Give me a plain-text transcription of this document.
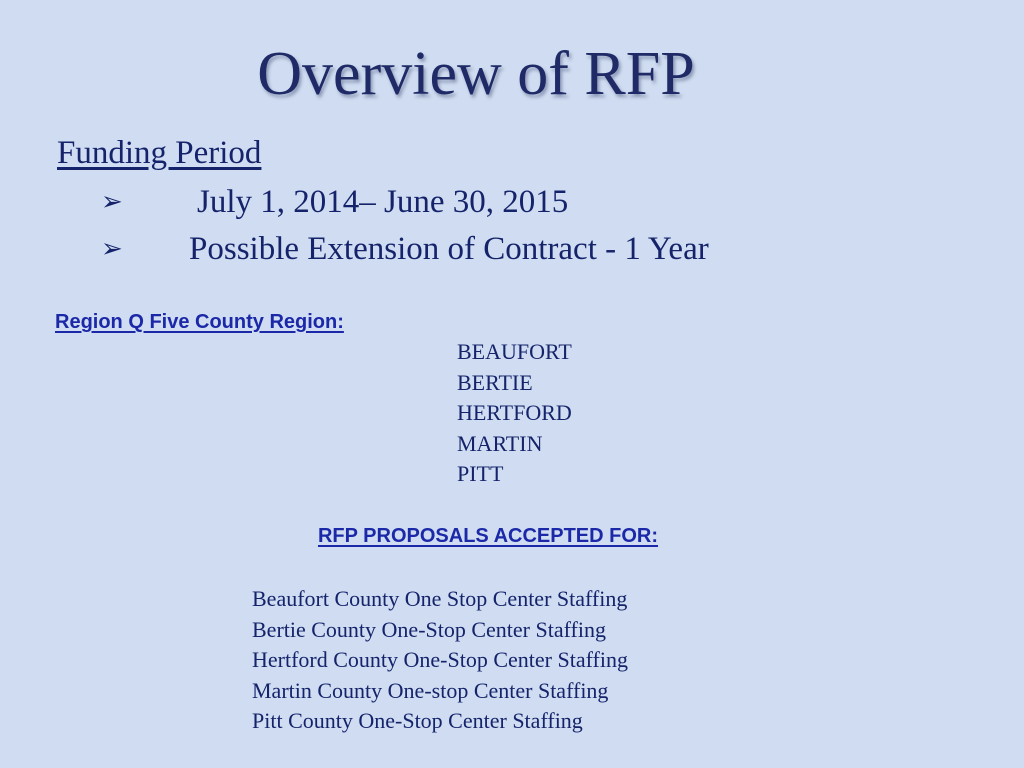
Overview of RFP
Funding Period
➢ July 1, 2014– June 30, 2015
➢ Possible Extension of Contract - 1 Year
Region Q Five County Region:
BEAUFORT
BERTIE
HERTFORD
MARTIN
PITT
RFP PROPOSALS ACCEPTED FOR:
Beaufort County One Stop Center Staffing
Bertie County One-Stop Center Staffing
Hertford County One-Stop Center Staffing
Martin County One-stop Center Staffing
Pitt County One-Stop Center Staffing
